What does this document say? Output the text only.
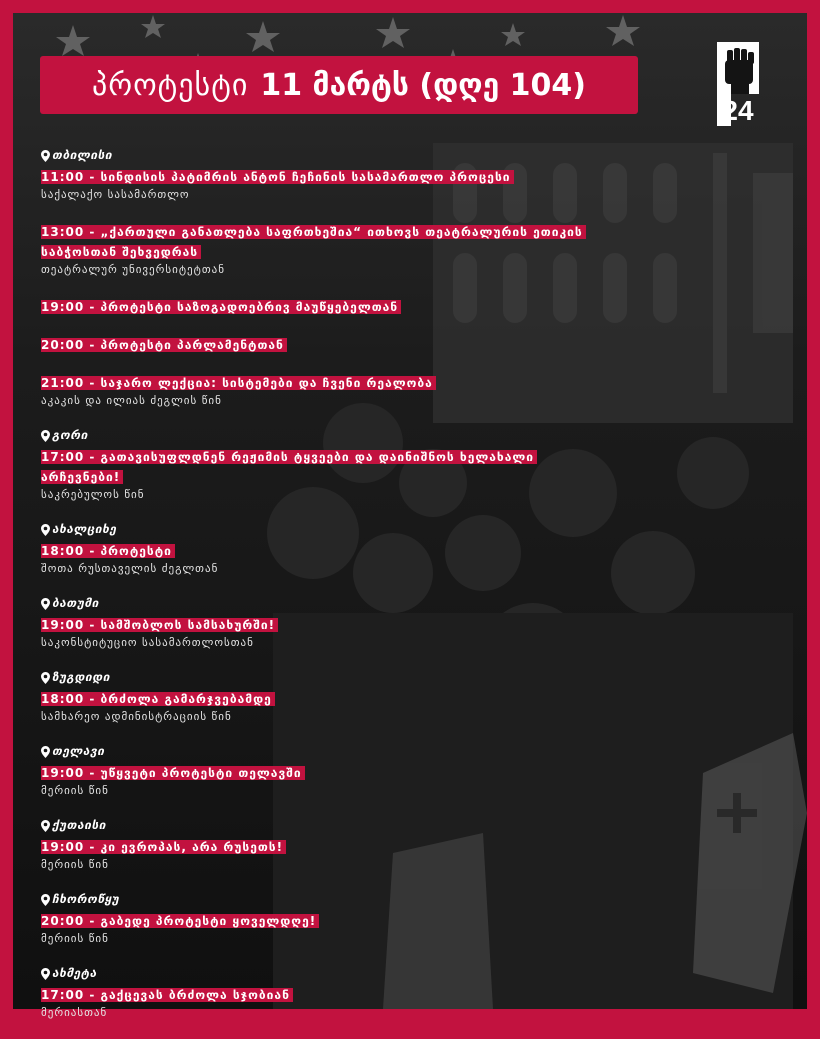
24
პროტესტი 11 მარტს (დღე 104)
თბილისი
11:00 - სინდისის პატიმრის ანტონ ჩეჩინის სასამართლო პროცესი
საქალაქო სასამართლო
13:00 - „ქართული განათლება საფრთხეშია“ ითხოვს თეატრალურის ეთიკის საბჭოსთან შეხვედრას
თეატრალურ უნივერსიტეტთან
19:00 - პროტესტი საზოგადოებრივ მაუწყებელთან
20:00 - პროტესტი პარლამენტთან
21:00 - საჯარო ლექცია: სისტემები და ჩვენი რეალობა
აკაკის და ილიას ძეგლის წინ
გორი
17:00 - გათავისუფლდნენ რეჟიმის ტყვეები და დაინიშნოს ხელახალი არჩევნები!
საკრებულოს წინ
ახალციხე
18:00 - პროტესტი
შოთა რუსთაველის ძეგლთან
ბათუმი
19:00 - სამშობლოს სამსახურში!
საკონსტიტუციო სასამართლოსთან
ზუგდიდი
18:00 - ბრძოლა გამარჯვებამდე
სამხარეო ადმინისტრაციის წინ
თელავი
19:00 - უწყვეტი პროტესტი თელავში
მერიის წინ
ქუთაისი
19:00 - კი ევროპას, არა რუსეთს!
მერიის წინ
ჩხოროწყუ
20:00 - გაბედე პროტესტი ყოველდღე!
მერიის წინ
ახმეტა
17:00 - გაქცევას ბრძოლა სჯობიან
მერიასთან
